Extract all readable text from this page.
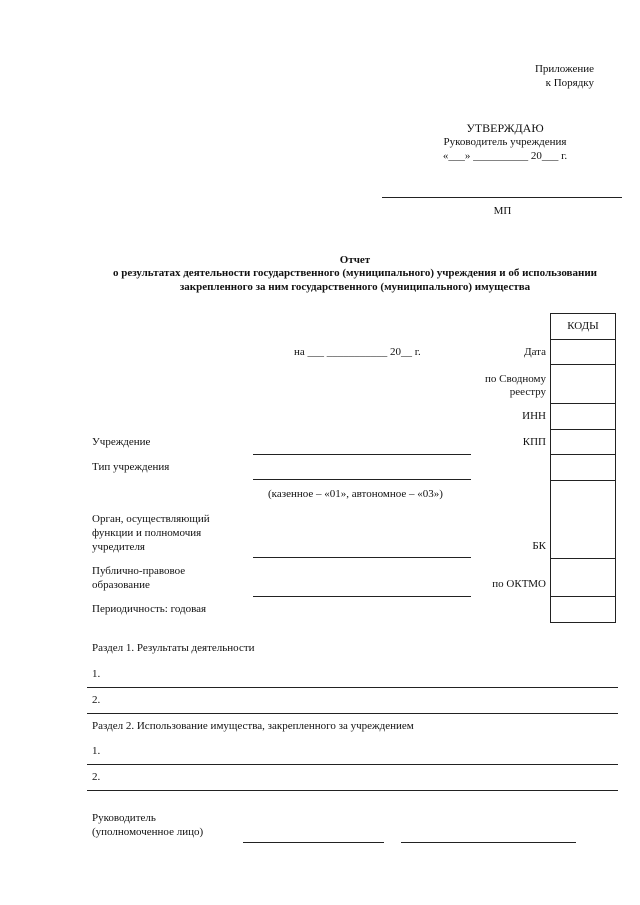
Приложение
к Порядку
УТВЕРЖДАЮ
Руководитель учреждения
«___» __________ 20___ г.
МП
Отчет
о результатах деятельности государственного (муниципального) учреждения и об использовании
закрепленного за ним государственного (муниципального) имущества
КОДЫ
Дата
по Сводному
реестру
ИНН
КПП
БК
по ОКТМО
на ___ ___________ 20__ г.
Учреждение
Тип учреждения
(казенное – «01», автономное – «03»)
Орган, осуществляющий
функции и полномочия
учредителя
Публично-правовое
образование
Периодичность: годовая
Раздел 1. Результаты деятельности
1.
2.
Раздел 2. Использование имущества, закрепленного за учреждением
1.
2.
Руководитель
(уполномоченное лицо)
